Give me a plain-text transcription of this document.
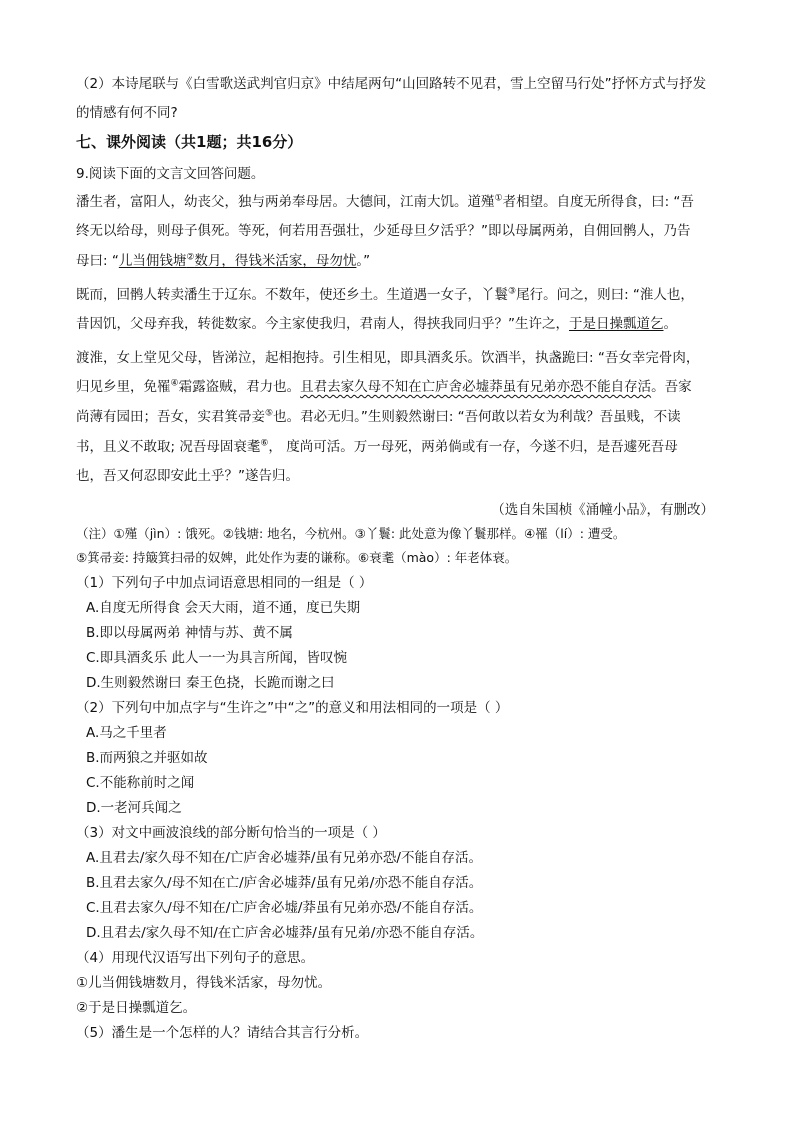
（2）本诗尾联与《白雪歌送武判官归京》中结尾两句“山回路转不见君，雪上空留马行处”抒怀方式与抒发
的情感有何不同?
七、课外阅读（共1题；共16分）
9.阅读下面的文言文回答问题。
潘生者，富阳人，幼丧父，独与两弟奉母居。大德间，江南大饥。道殣①者相望。自度无所得食，曰: “吾
终无以给母，则母子俱死。等死，何若用吾强壮，少延母旦夕活乎？”即以母属两弟，自佣回鹘人，乃告
母曰: “儿当佣钱塘②数月，得钱米活家，母勿忧。”
既而，回鹘人转卖潘生于辽东。不数年，使还乡土。生道遇一女子，丫鬟③尾行。问之，则曰: “淮人也，
昔因饥，父母弃我，转徙数家。今主家使我归，君南人，得挟我同归乎？”生许之，于是日操瓢道乞。
渡淮，女上堂见父母，皆涕泣，起相抱持。引生相见，即具酒炙乐。饮酒半，执盏跪曰: “吾女幸完骨肉，
归见乡里，免罹④霜露盗贼，君力也。且君去家久母不知在亡庐舍必墟莽虽有兄弟亦恐不能自存活。吾家
尚薄有园田；吾女，实君箕帚妾⑤也。君必无归。”生则毅然谢曰: “吾何敢以若女为利哉？吾虽贱，不读
书，且义不敢取; 况吾母固衰耄⑥， 度尚可活。万一母死，两弟倘或有一存，今遂不归，是吾遽死吾母
也，吾又何忍即安此土乎？”遂告归。
（选自朱国桢《涌幢小品》，有删改）
（注）①殣（jìn）: 饿死。②钱塘: 地名，今杭州。③丫鬟: 此处意为像丫鬟那样。④罹（lí）: 遭受。
⑤箕帚妾: 持簸箕扫帚的奴婢，此处作为妻的谦称。⑥衰耄（mào）: 年老体衰。
（1）下列句子中加点词语意思相同的一组是（ ）
A.自度无所得食 会天大雨，道不通，度已失期
B.即以母属两弟 神情与苏、黄不属
C.即具酒炙乐 此人一一为具言所闻，皆叹惋
D.生则毅然谢曰 秦王色挠，长跪而谢之曰
（2）下列句中加点字与“生许之”中“之”的意义和用法相同的一项是（ ）
A.马之千里者
B.而两狼之并驱如故
C.不能称前时之闻
D.一老河兵闻之
（3）对文中画波浪线的部分断句恰当的一项是（ ）
A.且君去/家久母不知在/亡庐舍必墟莽/虽有兄弟亦恐/不能自存活。
B.且君去家久/母不知在亡/庐舍必墟莽/虽有兄弟/亦恐不能自存活。
C.且君去家久/母不知在/亡庐舍必墟/莽虽有兄弟亦恐/不能自存活。
D.且君去/家久母不知/在亡庐舍必墟莽/虽有兄弟/亦恐不能自存活。
（4）用现代汉语写出下列句子的意思。
①儿当佣钱塘数月，得钱米活家，母勿忧。
②于是日操瓢道乞。
（5）潘生是一个怎样的人？请结合其言行分析。
